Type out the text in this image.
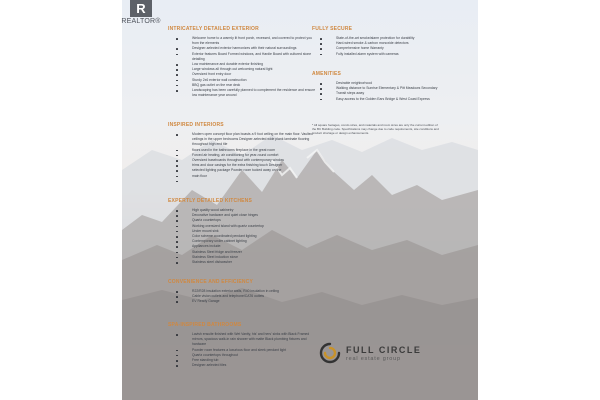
R
REALTOR®
INTRICATELY DETAILED EXTERIOR
Welcome home to a warmly lit front porch, recessed, and covered to protect you from the elements
Designer-selected exterior harmonizes with their natural surroundings
Exterior features Board Formed windows, and Hardie Board with cultured stone detailing
Low maintenance and durable exterior finishing
Large windows all through out welcoming natural light
Oversized front entry door
Sturdy 2x6 exterior wall construction
BBQ gas outlet on the rear deck
Landscaping has been carefully planned to complement the residence and ensure low maintenance year around
INSPIRED INTERIORS
Modern open concept floor plan boasts a 9 foot ceiling on the main floor. Vaulted ceilings in the upper bedrooms Designer-selected wide plank laminate flooring throughout high end tile
floors used in the bathrooms fireplace in the great room
Forced air heating, air conditioning for year-round comfort
Oversized baseboards throughout with contemporary window
trims and door casings for the extra finishing touch Designer
selected lighting package Powder room tucked away on the
main floor
EXPERTLY DETAILED KITCHENS
High quality wood cabinetry
Decorative hardware and quiet close hinges
Quartz countertops
Working oversized island with quartz countertop
Under mount sink
Color scheme coordinated pendant lighting
Contemporary under cabinet lighting
Appliances include:
Stainless Steel fridge and freezer
Stainless Steel induction stove
Stainless steel dishwasher
CONVENIENCE AND EFFICIENCY
R22/R28 insulation exterior walls, R40 insulation in ceiling
Cable vision outlets and telephone/CAT6 outlets
EV Ready Garage
SPA-INSPIRED BATHROOMS
Lavish ensuite finished with Wet Vanity, his' and hers' sinks with Black Framed mirrors, spacious walk-in rain shower with matte Black plumbing fixtures and hardware
Powder room features a luxurious floor and sleek pendant light
Quartz countertops throughout
Free standing tub
Designer-selected tiles
FULLY SECURE
State-of-the-art smoke/alarm protection for durability
Hard-wired smoke & carbon monoxide detectors
Comprehensive home Warranty
Fully installed alarm system with cameras
AMENITIES
Desirable neighborhood
Walking distance to Sunrise Elementary & Pitt Meadows Secondary
Transit steps away
Easy access to the Golden Ears Bridge & West Coast Express
* All square footages, condo sizes, and materials and room sizes are only the current edition of the BC Building code. Specifications may change due to code requirements, site conditions and product shortage or design enhancements.
FULL CIRCLE
real estate group
